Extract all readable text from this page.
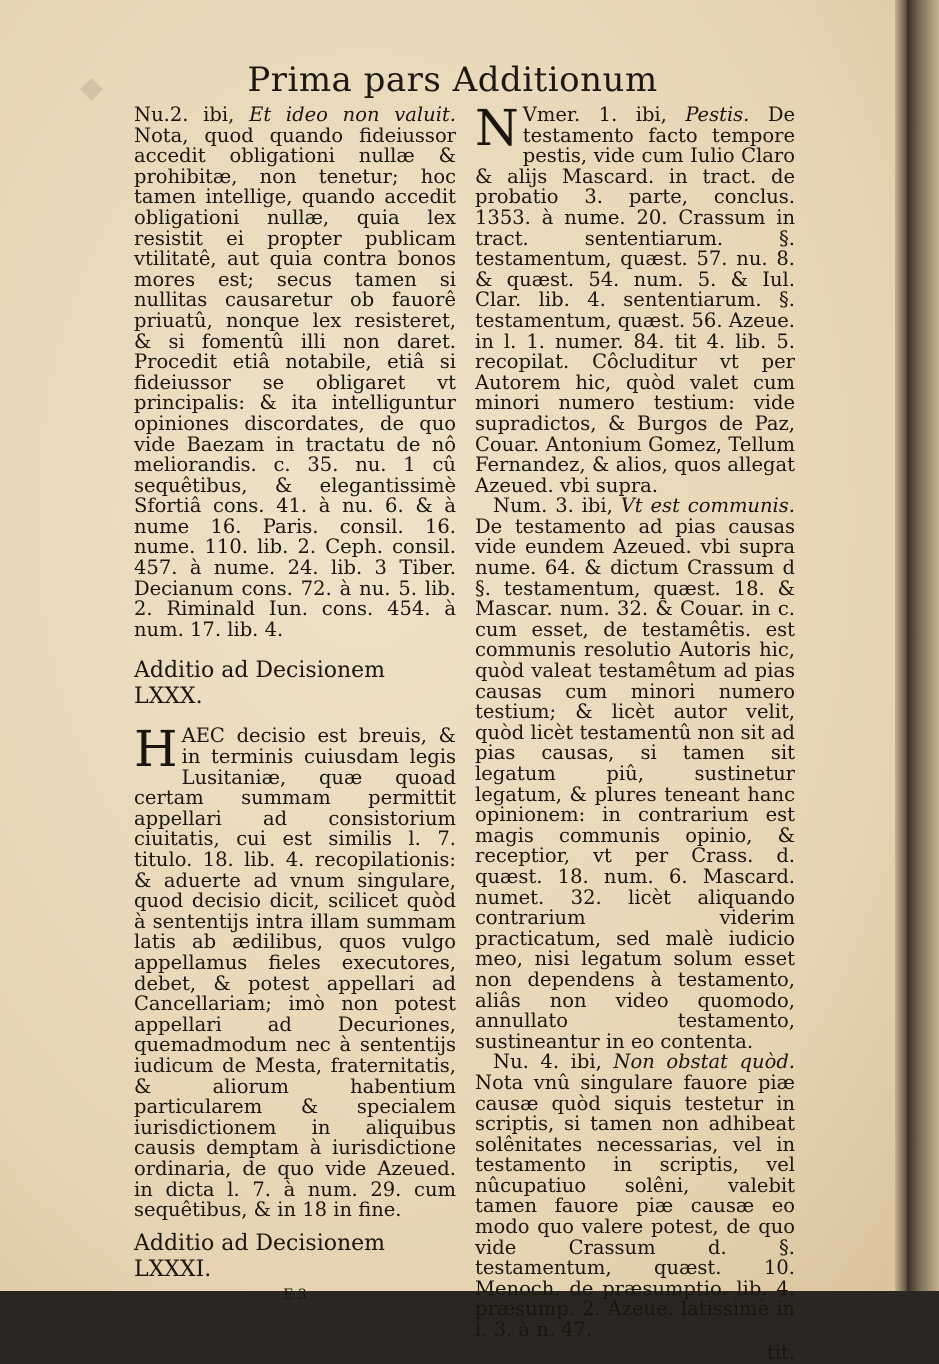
◆	Prima pars Additionum

Nu.2. ibi, Et ideo non valuit. Nota, quod quando fideiussor accedit obligationi nullæ & prohibitæ, non tenetur; hoc tamen intellige, quando accedit obligationi nullæ, quia lex resistit ei propter publicam vtilitatê, aut quia contra bonos mores est; secus tamen si nullitas causaretur ob fauorê priuatû, nonque lex resisteret, & si fomentû illi non daret. Procedit etiâ notabile, etiâ si fideiussor se obligaret vt principalis: & ita intelliguntur opiniones discordates, de quo vide Baezam in tractatu de nô meliorandis. c. 35. nu. 1 cû sequêtibus, & elegantissimè Sfortiâ cons. 41. à nu. 6. & à nume 16. Paris. consil. 16. nume. 110. lib. 2. Ceph. consil. 457. à nume. 24. lib. 3 Tiber. Decianum cons. 72. à nu. 5. lib. 2. Riminald Iun. cons. 454. à num. 17. lib. 4.

Additio ad Decisionem

LXXX.

HAEC decisio est breuis, & in terminis cuiusdam legis Lusitaniæ, quæ quoad certam summam permittit appellari ad consistorium ciuitatis, cui est similis l. 7. titulo. 18. lib. 4. recopilationis: & aduerte ad vnum singulare, quod decisio dicit, scilicet quòd à sententijs intra illam summam latis ab ædilibus, quos vulgo appellamus fieles executores, debet, & potest appellari ad Cancellariam; imò non potest appellari ad Decuriones, quemadmodum nec à sententijs iudicum de Mesta, fraternitatis, & aliorum habentium particularem & specialem iurisdictionem in aliquibus causis demptam à iurisdictione ordinaria, de quo vide Azeued. in dicta l. 7. à num. 29. cum sequêtibus, & in 18 in fine.

Additio ad Decisionem

LXXXI.

E 3

N Vmer. 1. ibi, Pestis. De testamento facto tempore pestis, vide cum Iulio Claro & alijs Mascard. in tract. de probatio 3. parte, conclus. 1353. à nume. 20. Crassum in tract. sententiarum. §. testamentum, quæst. 57. nu. 8. & quæst. 54. num. 5. & Iul. Clar. lib. 4. sententiarum. §. testamentum, quæst. 56. Azeue. in l. 1. numer. 84. tit 4. lib. 5. recopilat. Côcluditur vt per Autorem hic, quòd valet cum minori numero testium: vide supradictos, & Burgos de Paz, Couar. Antonium Gomez, Tellum Fernandez, & alios, quos allegat Azeued. vbi supra.

Num. 3. ibi, Vt est communis. De testamento ad pias causas vide eundem Azeued. vbi supra nume. 64. & dictum Crassum d §. testamentum, quæst. 18. & Mascar. num. 32. & Couar. in c. cum esset, de testamêtis. est communis resolutio Autoris hic, quòd valeat testamêtum ad pias causas cum minori numero testium; & licèt autor velit, quòd licèt testamentû non sit ad pias causas, si tamen sit legatum piû, sustinetur legatum, & plures teneant hanc opinionem: in contrarium est magis communis opinio, & receptior, vt per Crass. d. quæst. 18. num. 6. Mascard. numet. 32. licèt aliquando contrarium viderim practicatum, sed malè iudicio meo, nisi legatum solum esset non dependens à testamento, aliâs non video quomodo, annullato testamento, sustineantur in eo contenta.

Nu. 4. ibi, Non obstat quòd. Nota vnû singulare fauore piæ causæ quòd siquis testetur in scriptis, si tamen non adhibeat solênitates necessarias, vel in testamento in scriptis, vel nûcupatiuo solêni, valebit tamen fauore piæ causæ eo modo quo valere potest, de quo vide Crassum d. §. testamentum, quæst. 10. Menoch. de præsumptio. lib. 4. præsump. 2. Azeue. latissimè in l. 3. à n. 47.

tit.
